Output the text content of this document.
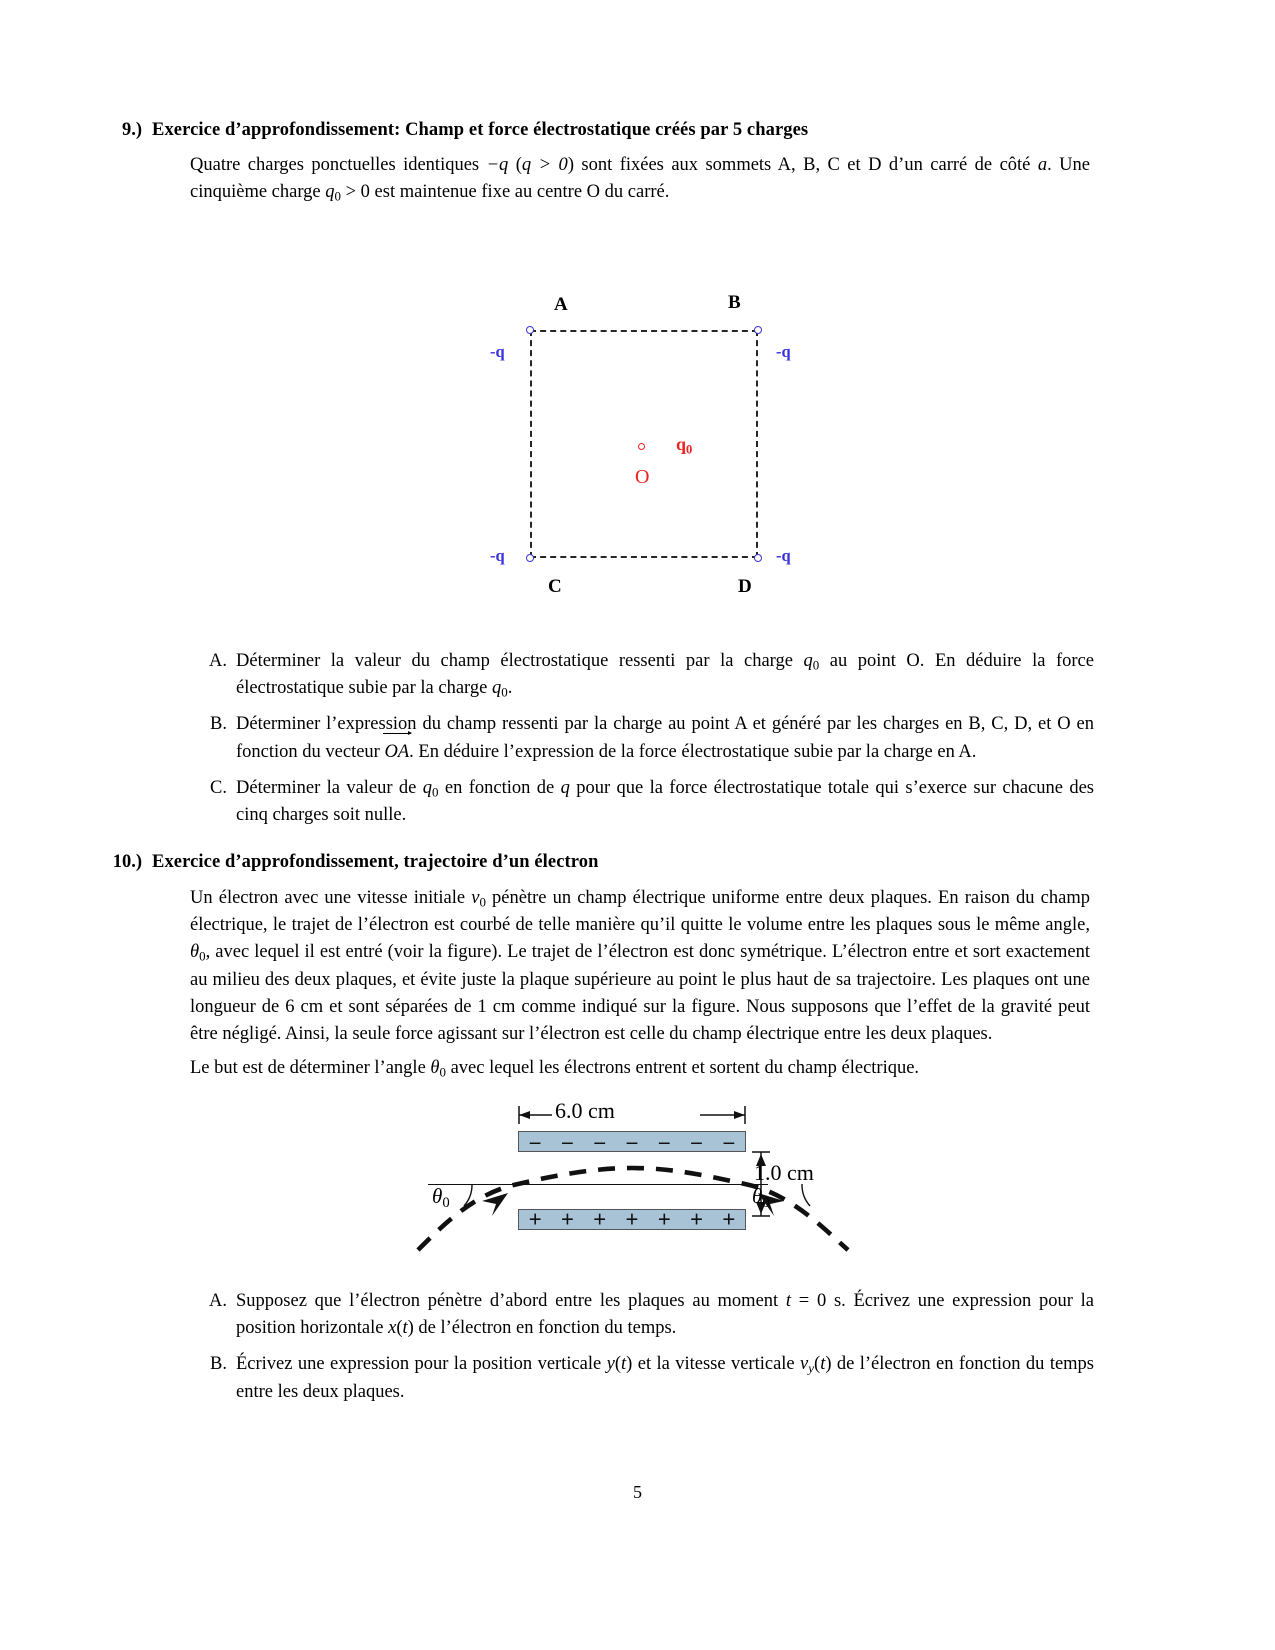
9.) Exercice d’approfondissement: Champ et force électrostatique créés par 5 charges
Quatre charges ponctuelles identiques −q (q > 0) sont fixées aux sommets A, B, C et D d’un carré de côté a. Une cinquième charge $q_0 > 0$ est maintenue fixe au centre O du carré.
A	B
C	D
-q	-q
-q	-q
$q_0$
O
A. Déterminer la valeur du champ électrostatique ressenti par la charge $q_0$ au point O. En déduire la force électrostatique subie par la charge $q_0$.
B. Déterminer l’expression du champ ressenti par la charge au point A et généré par les charges en B, C, D, et O en fonction du vecteur OA. En déduire l’expression de la force électrostatique subie par la charge en A.
C. Déterminer la valeur de $q_0$ en fonction de q pour que la force électrostatique totale qui s’exerce sur chacune des cinq charges soit nulle.
10.) Exercice d’approfondissement, trajectoire d’un électron
Un électron avec une vitesse initiale $v_0$ pénètre un champ électrique uniforme entre deux plaques. En raison du champ électrique, le trajet de l’électron est courbé de telle manière qu’il quitte le volume entre les plaques sous le même angle, $\theta_0$, avec lequel il est entré (voir la figure). Le trajet de l’électron est donc symétrique. L’électron entre et sort exactement au milieu des deux plaques, et évite juste la plaque supérieure au point le plus haut de sa trajectoire. Les plaques ont une longueur de 6 cm et sont séparées de 1 cm comme indiqué sur la figure. Nous supposons que l’effet de la gravité peut être négligé. Ainsi, la seule force agissant sur l’électron est celle du champ électrique entre les deux plaques.
Le but est de déterminer l’angle $\theta_0$ avec lequel les électrons entrent et sortent du champ électrique.
6.0 cm
1.0 cm
– – – – – – –
+ + + + + + +
$\theta_0$	$\theta_0$
A. Supposez que l’électron pénètre d’abord entre les plaques au moment t = 0 s. Écrivez une expression pour la position horizontale x(t) de l’électron en fonction du temps.
B. Écrivez une expression pour la position verticale y(t) et la vitesse verticale vy(t) de l’électron en fonction du temps entre les deux plaques.
5
